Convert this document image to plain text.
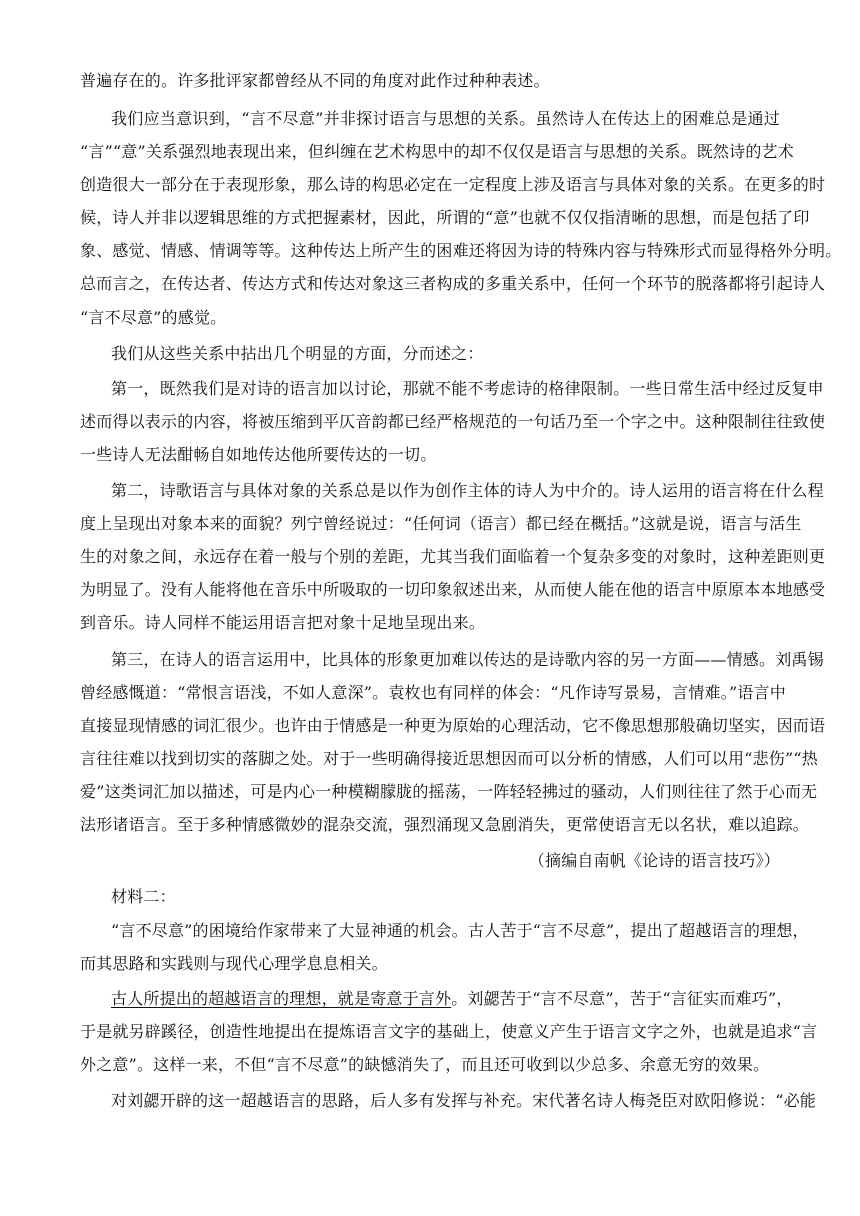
普遍存在的。许多批评家都曾经从不同的角度对此作过种种表述。
我们应当意识到，“言不尽意”并非探讨语言与思想的关系。虽然诗人在传达上的困难总是通过
“言”“意”关系强烈地表现出来，但纠缠在艺术构思中的却不仅仅是语言与思想的关系。既然诗的艺术
创造很大一部分在于表现形象，那么诗的构思必定在一定程度上涉及语言与具体对象的关系。在更多的时
候，诗人并非以逻辑思维的方式把握素材，因此，所谓的“意”也就不仅仅指清晰的思想，而是包括了印
象、感觉、情感、情调等等。这种传达上所产生的困难还将因为诗的特殊内容与特殊形式而显得格外分明。
总而言之，在传达者、传达方式和传达对象这三者构成的多重关系中，任何一个环节的脱落都将引起诗人
“言不尽意”的感觉。
我们从这些关系中拈出几个明显的方面，分而述之：
第一，既然我们是对诗的语言加以讨论，那就不能不考虑诗的格律限制。一些日常生活中经过反复申
述而得以表示的内容，将被压缩到平仄音韵都已经严格规范的一句话乃至一个字之中。这种限制往往致使
一些诗人无法酣畅自如地传达他所要传达的一切。
第二，诗歌语言与具体对象的关系总是以作为创作主体的诗人为中介的。诗人运用的语言将在什么程
度上呈现出对象本来的面貌？列宁曾经说过：“任何词（语言）都已经在概括。”这就是说，语言与活生
生的对象之间，永远存在着一般与个别的差距，尤其当我们面临着一个复杂多变的对象时，这种差距则更
为明显了。没有人能将他在音乐中所吸取的一切印象叙述出来，从而使人能在他的语言中原原本本地感受
到音乐。诗人同样不能运用语言把对象十足地呈现出来。
第三，在诗人的语言运用中，比具体的形象更加难以传达的是诗歌内容的另一方面——情感。刘禹锡
曾经感慨道：“常恨言语浅，不如人意深”。袁枚也有同样的体会：“凡作诗写景易，言情难。”语言中
直接显现情感的词汇很少。也许由于情感是一种更为原始的心理活动，它不像思想那般确切坚实，因而语
言往往难以找到切实的落脚之处。对于一些明确得接近思想因而可以分析的情感，人们可以用“悲伤”“热
爱”这类词汇加以描述，可是内心一种模糊朦胧的摇荡，一阵轻轻拂过的骚动，人们则往往了然于心而无
法形诸语言。至于多种情感微妙的混杂交流，强烈涌现又急剧消失，更常使语言无以名状，难以追踪。
（摘编自南帆《论诗的语言技巧》）
材料二：
“言不尽意”的困境给作家带来了大显神通的机会。古人苦于“言不尽意”，提出了超越语言的理想，
而其思路和实践则与现代心理学息息相关。
古人所提出的超越语言的理想，就是寄意于言外。刘勰苦于“言不尽意”，苦于“言征实而难巧”，
于是就另辟蹊径，创造性地提出在提炼语言文字的基础上，使意义产生于语言文字之外，也就是追求“言
外之意”。这样一来，不但“言不尽意”的缺憾消失了，而且还可收到以少总多、余意无穷的效果。
对刘勰开辟的这一超越语言的思路，后人多有发挥与补充。宋代著名诗人梅尧臣对欧阳修说：“必能
